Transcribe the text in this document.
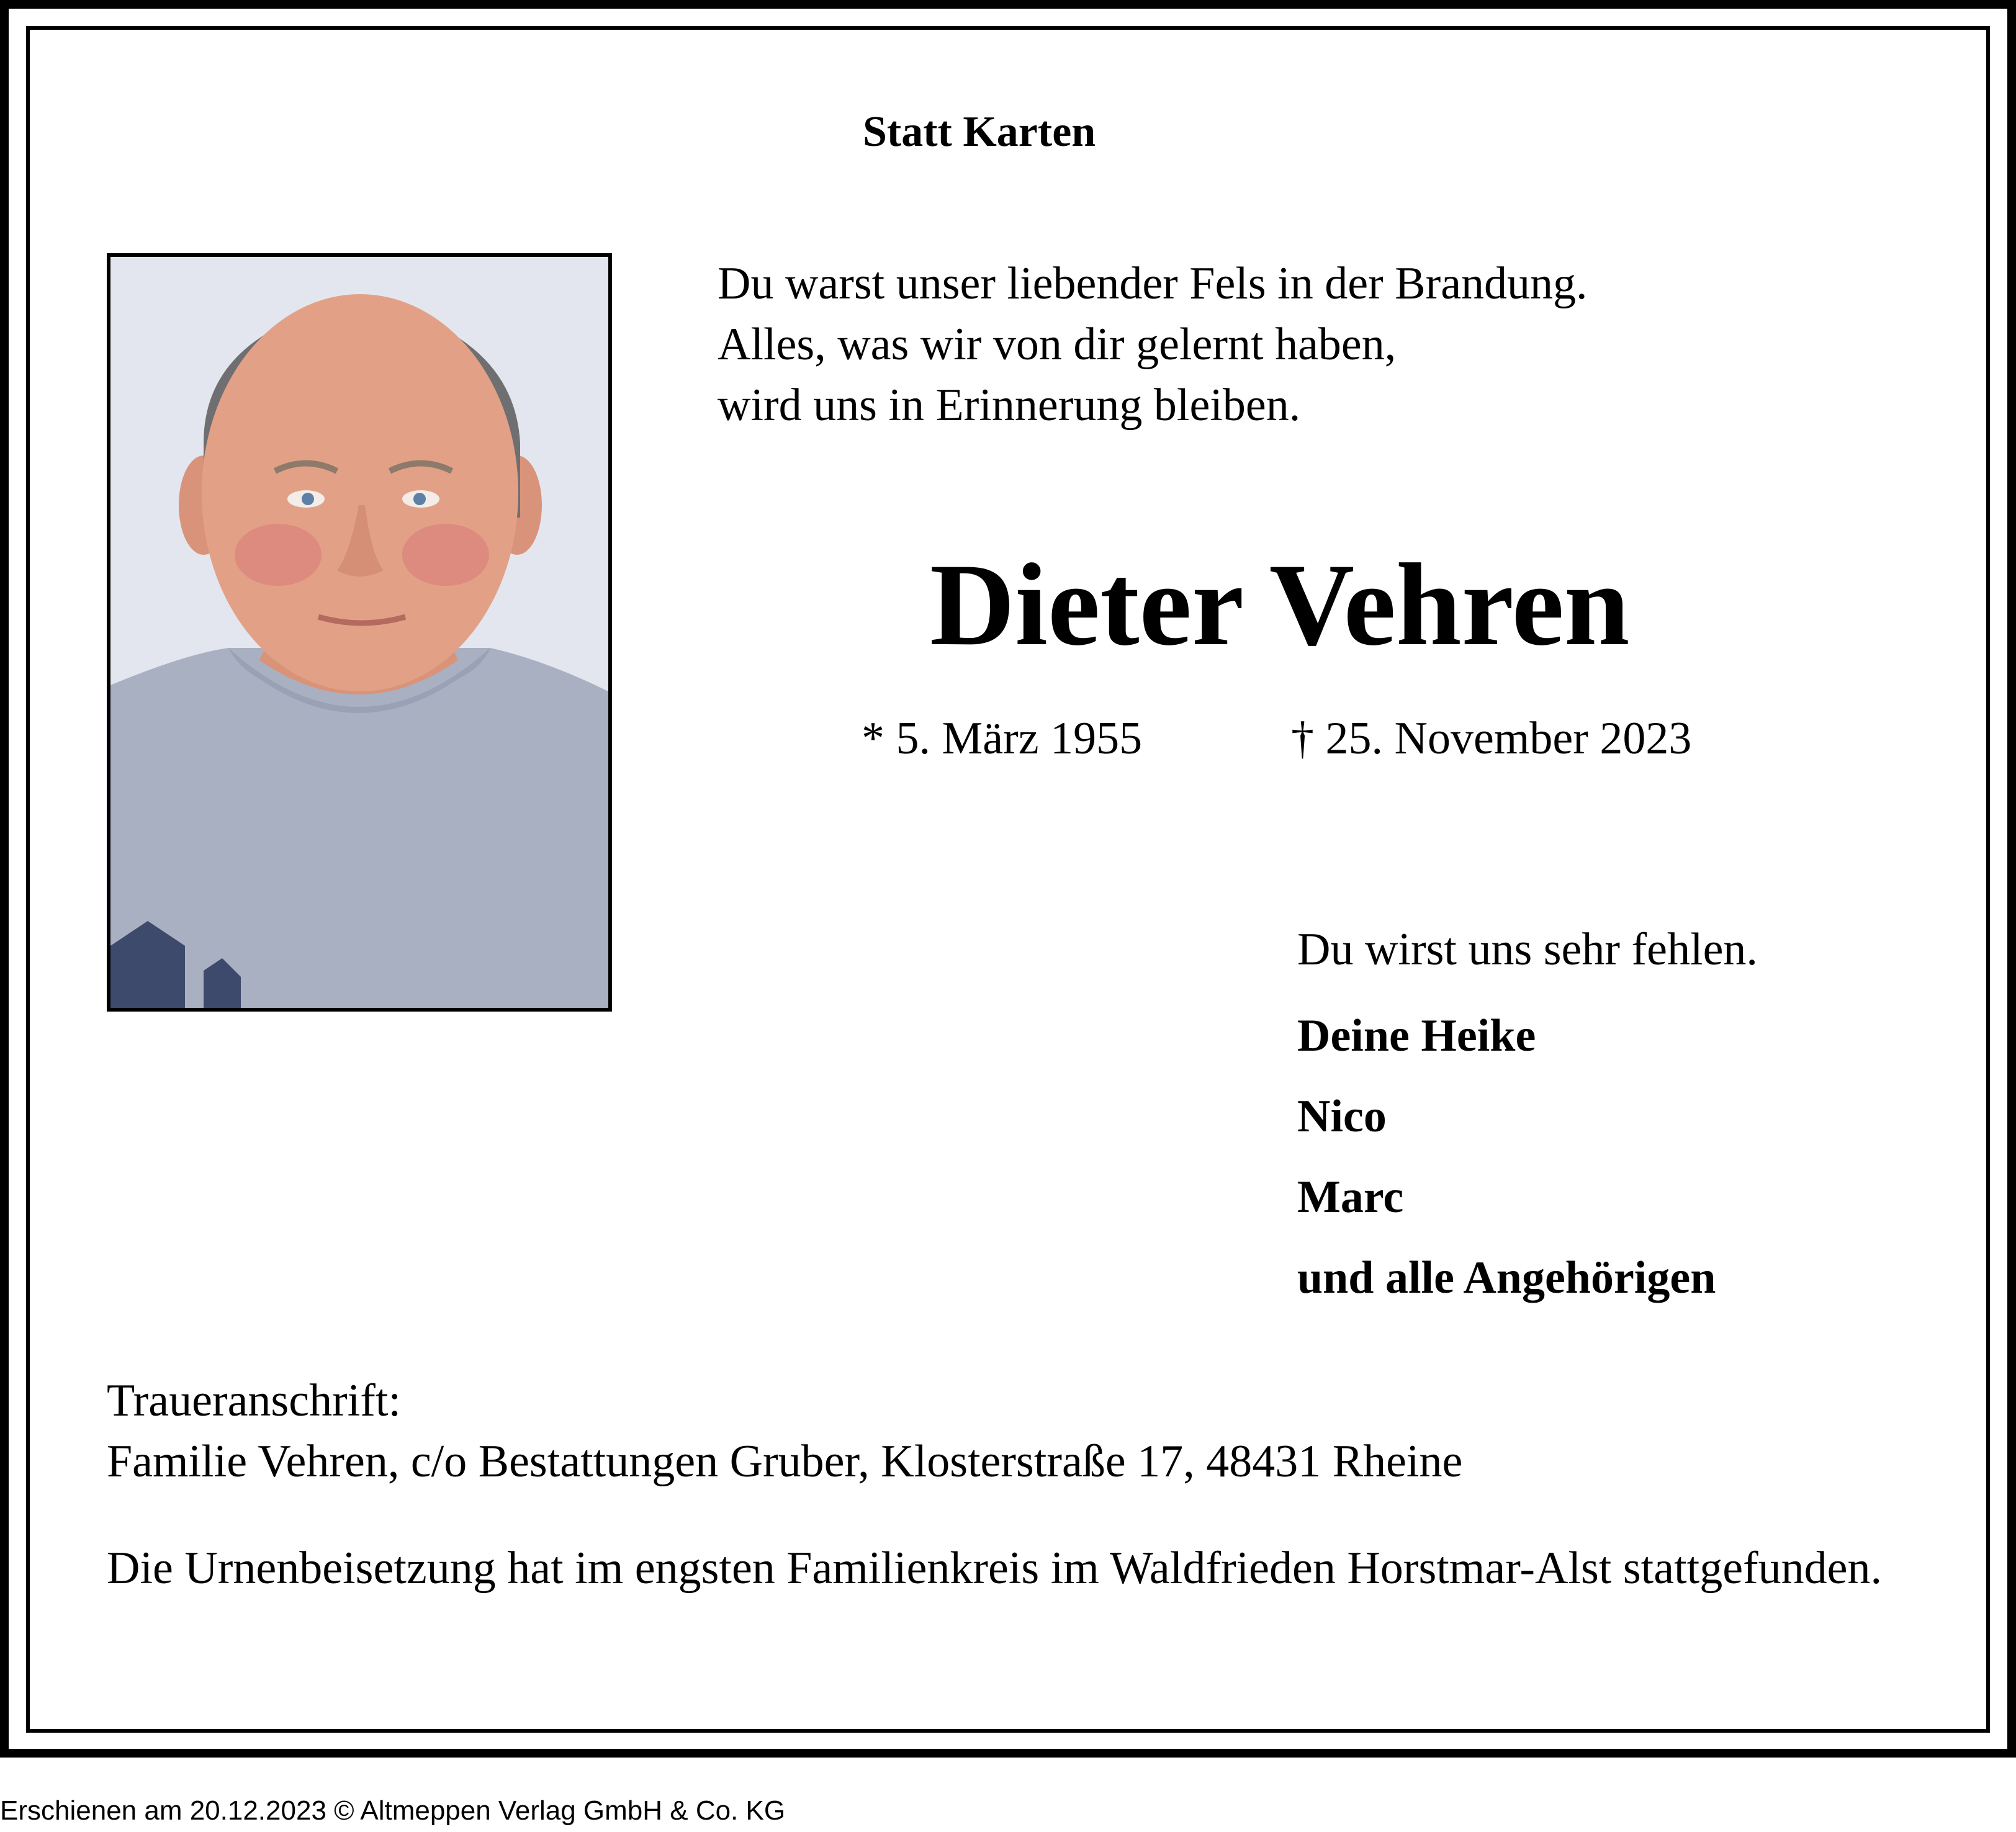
Statt Karten
Du warst unser liebender Fels in der Brandung.
Alles, was wir von dir gelernt haben,
wird uns in Erinnerung bleiben.
Dieter Vehren
* 5. März 1955	† 25. November 2023
Du wirst uns sehr fehlen.
Deine Heike
Nico
Marc
und alle Angehörigen
Traueranschrift:
Familie Vehren, c/o Bestattungen Gruber, Klosterstraße 17, 48431 Rheine
Die Urnenbeisetzung hat im engsten Familienkreis im Waldfrieden Horstmar-Alst stattgefunden.
Erschienen am 20.12.2023 © Altmeppen Verlag GmbH & Co. KG
